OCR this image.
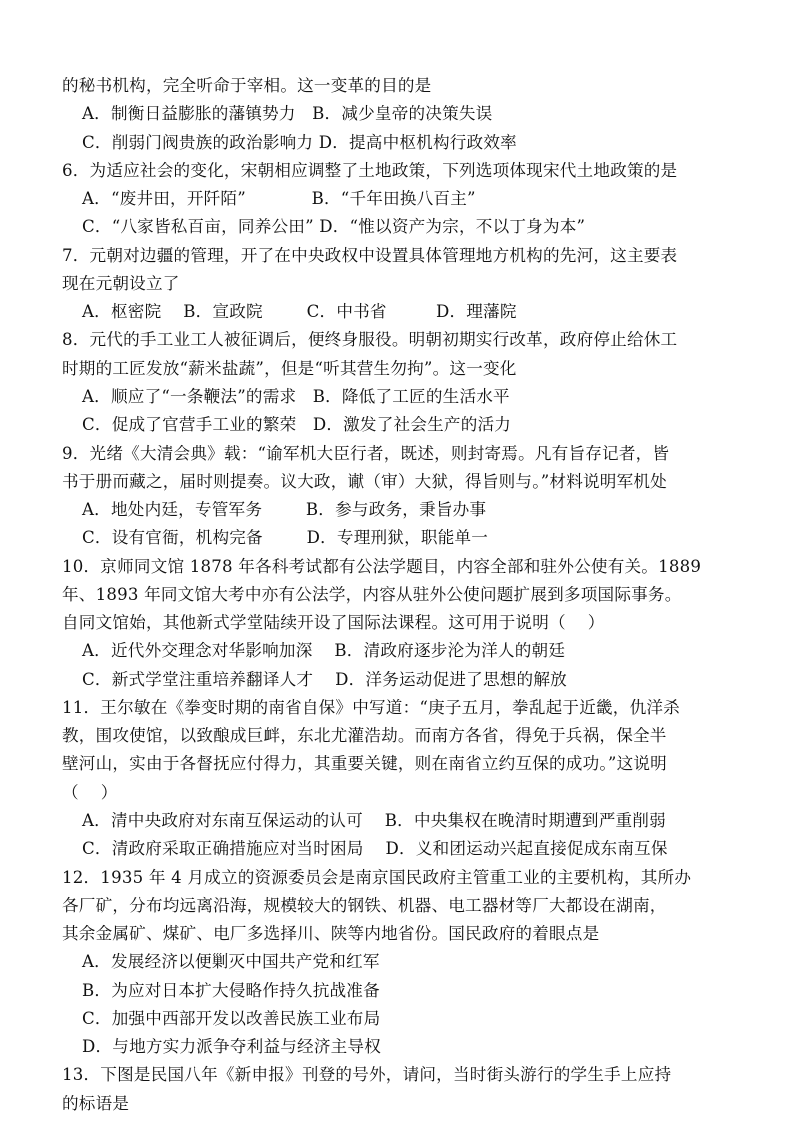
的秘书机构，完全听命于宰相。这一变革的目的是
A．制衡日益膨胀的藩镇势力   B．减少皇帝的决策失误
C．削弱门阀贵族的政治影响力 D．提高中枢机构行政效率
6．为适应社会的变化，宋朝相应调整了土地政策，下列选项体现宋代土地政策的是
A．“废井田，开阡陌”            B．“千年田换八百主”
C．“八家皆私百亩，同养公田” D．“惟以资产为宗，不以丁身为本”
7．元朝对边疆的管理，开了在中央政权中设置具体管理地方机构的先河，这主要表
现在元朝设立了
A．枢密院    B．宣政院        C．中书省         D．理藩院
8．元代的手工业工人被征调后，便终身服役。明朝初期实行改革，政府停止给休工
时期的工匠发放“薪米盐蔬”，但是“听其营生勿拘”。这一变化
A．顺应了“一条鞭法”的需求   B．降低了工匠的生活水平
C．促成了官营手工业的繁荣   D．激发了社会生产的活力
9．光绪《大清会典》载：“谕军机大臣行者，既述，则封寄焉。凡有旨存记者，皆
书于册而藏之，届时则提奏。议大政，谳（审）大狱，得旨则与。”材料说明军机处
A．地处内廷，专管军务        B．参与政务，秉旨办事
C．设有官衙，机构完备        D．专理刑狱，职能单一
10．京师同文馆 1878 年各科考试都有公法学题目，内容全部和驻外公使有关。1889
年、1893 年同文馆大考中亦有公法学，内容从驻外公使问题扩展到多项国际事务。
自同文馆始，其他新式学堂陆续开设了国际法课程。这可用于说明（    ）
A．近代外交理念对华影响加深    B．清政府逐步沦为洋人的朝廷
C．新式学堂注重培养翻译人才    D．洋务运动促进了思想的解放
11．王尔敏在《拳变时期的南省自保》中写道：“庚子五月，拳乱起于近畿，仇洋杀
教，围攻使馆，以致酿成巨衅，东北尤灌浩劫。而南方各省，得免于兵祸，保全半
壁河山，实由于各督抚应付得力，其重要关键，则在南省立约互保的成功。”这说明
（    ）
A．清中央政府对东南互保运动的认可    B．中央集权在晚清时期遭到严重削弱
C．清政府采取正确措施应对当时困局    D．义和团运动兴起直接促成东南互保
12．1935 年 4 月成立的资源委员会是南京国民政府主管重工业的主要机构，其所办
各厂矿，分布均远离沿海，规模较大的钢铁、机器、电工器材等厂大都设在湖南，
其余金属矿、煤矿、电厂多选择川、陕等内地省份。国民政府的着眼点是
A．发展经济以便剿灭中国共产党和红军
B．为应对日本扩大侵略作持久抗战准备
C．加强中西部开发以改善民族工业布局
D．与地方实力派争夺利益与经济主导权
13．下图是民国八年《新申报》刊登的号外，请问，当时街头游行的学生手上应持
的标语是
